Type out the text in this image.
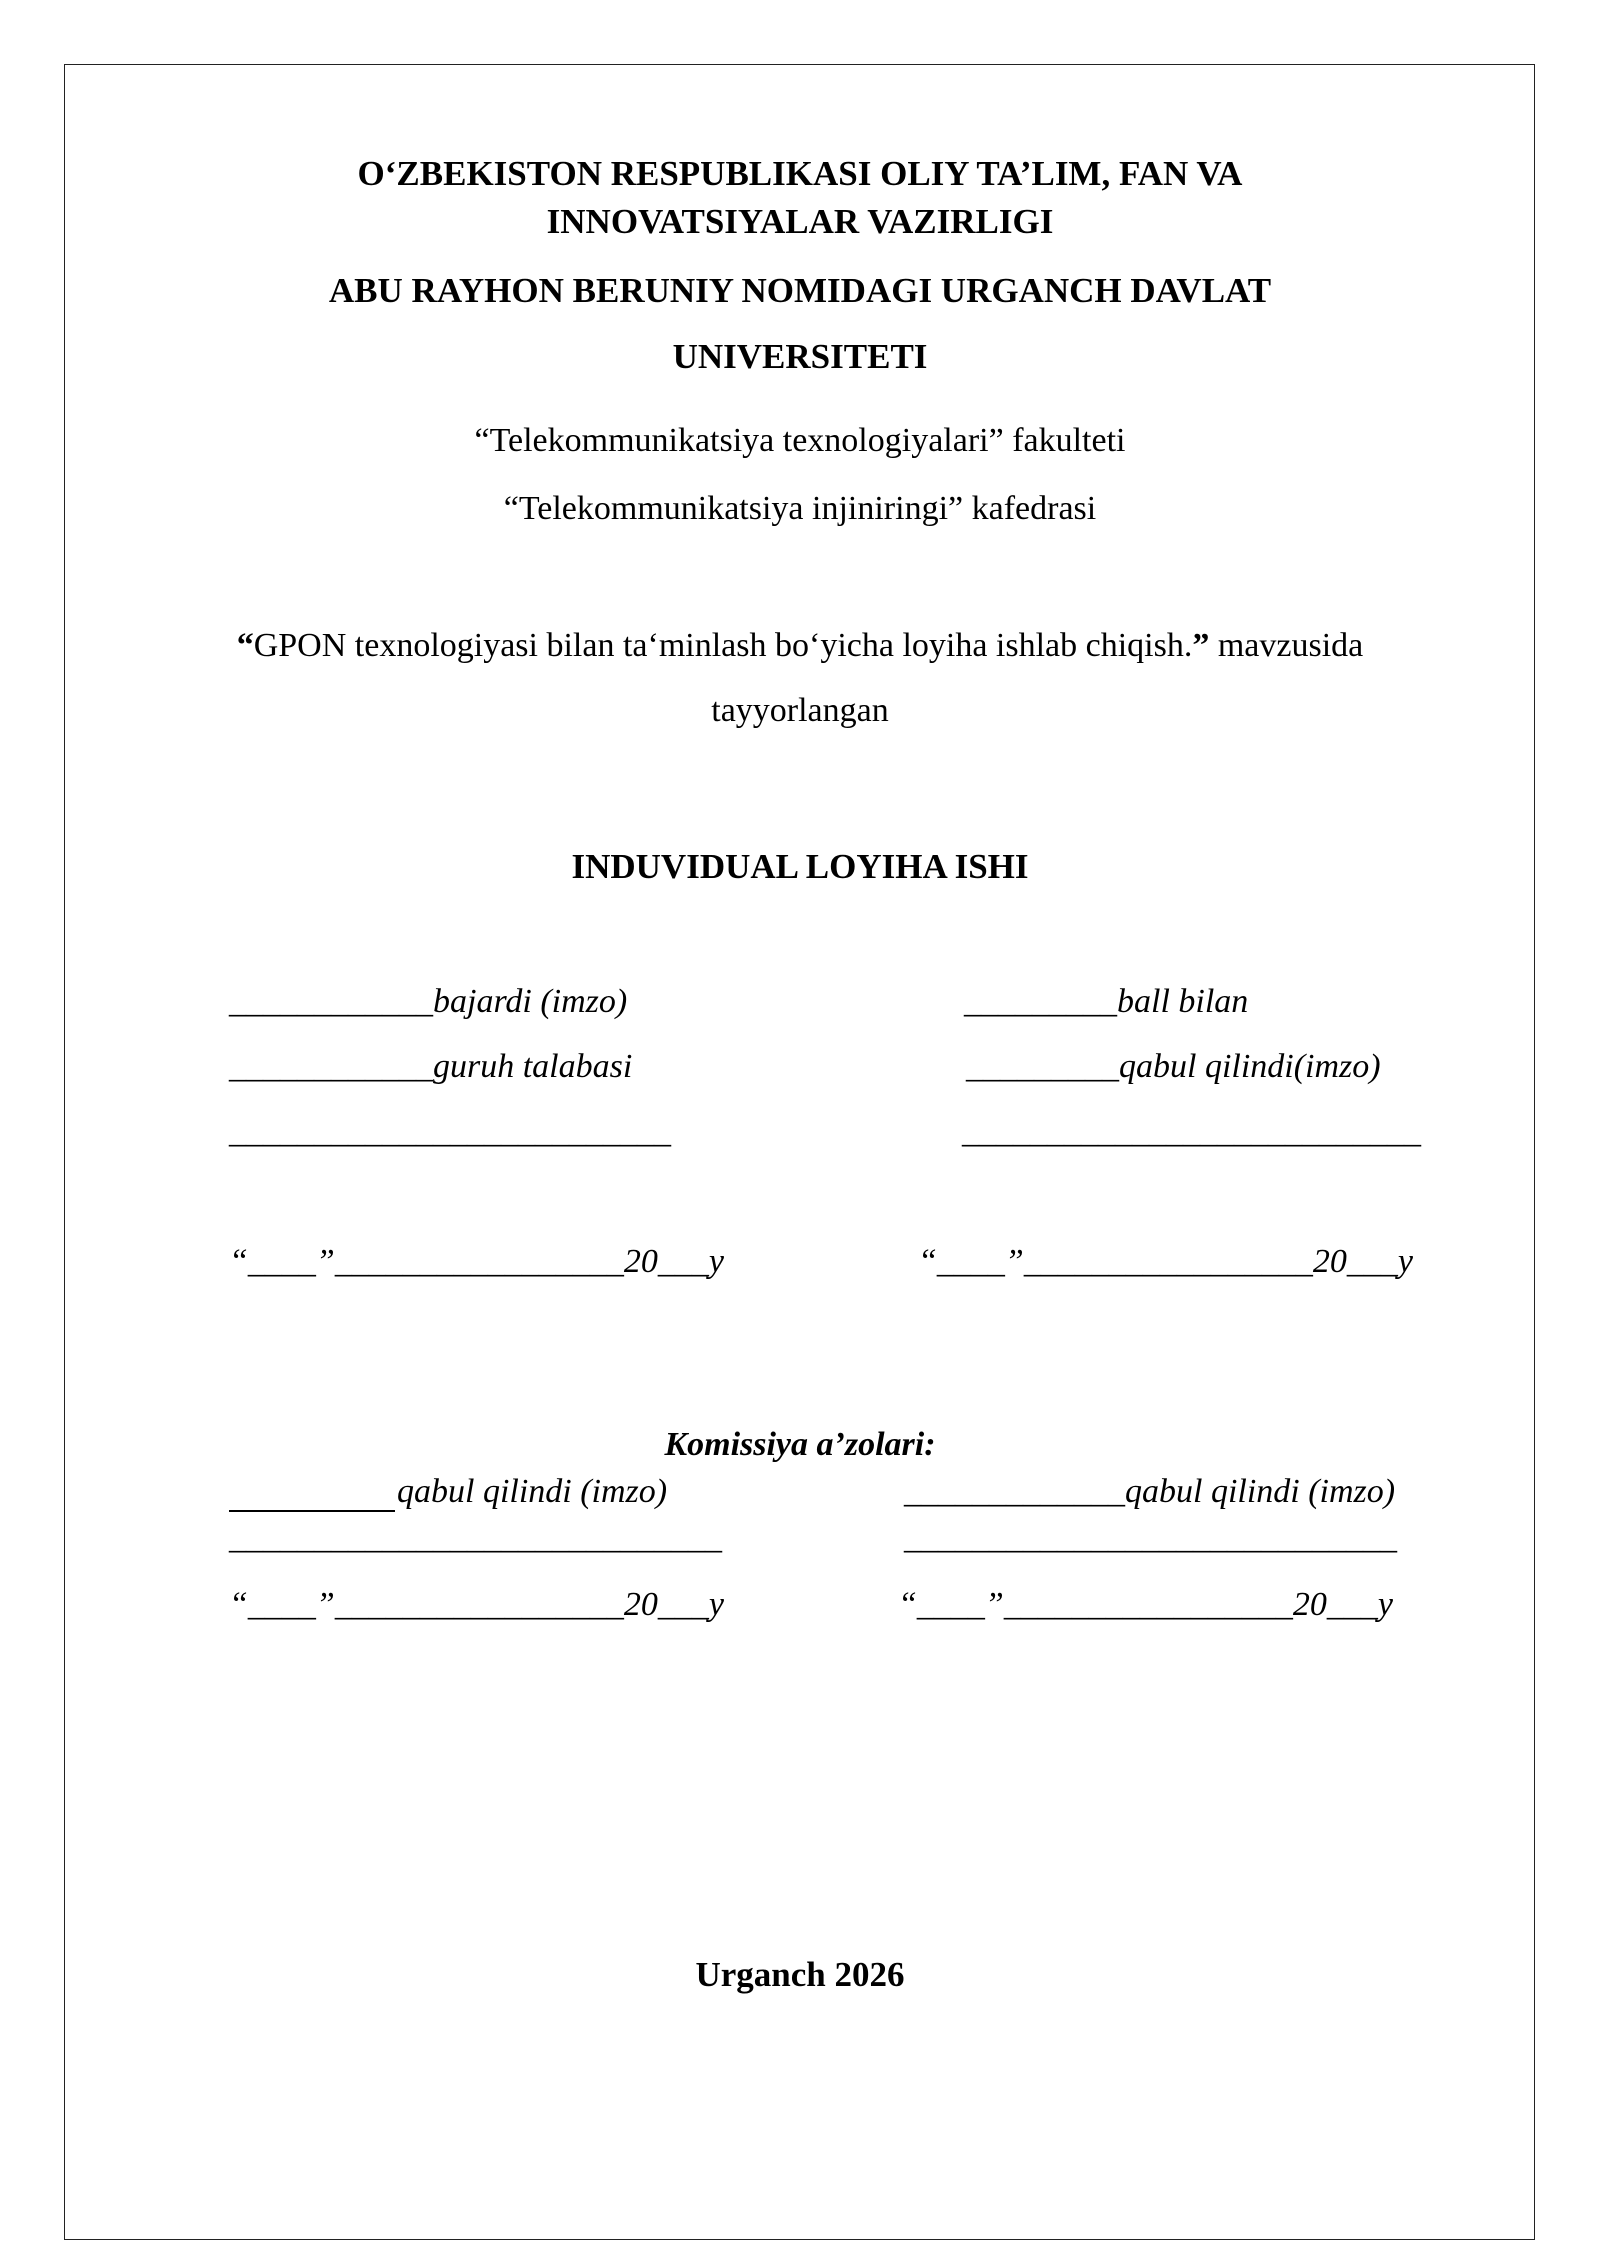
O‘ZBEKISTON RESPUBLIKASI OLIY TA’LIM, FAN VA
INNOVATSIYALAR VAZIRLIGI
ABU RAYHON BERUNIY NOMIDAGI URGANCH DAVLAT
UNIVERSITETI
“Telekommunikatsiya texnologiyalari” fakulteti
“Telekommunikatsiya injiniringi” kafedrasi
“GPON texnologiyasi bilan ta‘minlash bo‘yicha loyiha ishlab chiqish.” mavzusida
tayyorlangan
INDUVIDUAL LOYIHA ISHI
____________bajardi (imzo)
____________guruh talabasi
__________________________
“____”_________________20___y
_________ball bilan
_________qabul qilindi(imzo)
___________________________
“____”_________________20___y
Komissiya a’zolari:
qabul qilindi (imzo)
_____________________________
“____”_________________20___y
_____________qabul qilindi (imzo)
_____________________________
“____”_________________20___y
Urganch 2026
